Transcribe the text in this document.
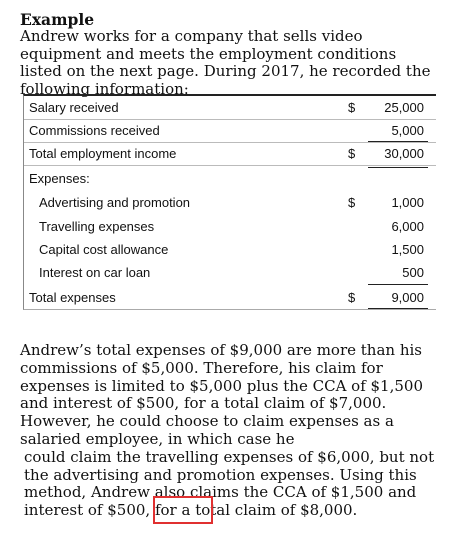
Example
Andrew works for a company that sells video equipment and meets the employment conditions listed on the next page. During 2017, he recorded the following information:
Salary received	$	25,000
Commissions received	5,000
Total employment income	$	30,000
Expenses:
Advertising and promotion	$	1,000
Travelling expenses	6,000
Capital cost allowance	1,500
Interest on car loan	500
Total expenses	$	9,000
Andrew’s total expenses of $9,000 are more than his commissions of $5,000. Therefore, his claim for expenses is limited to $5,000 plus the CCA of $1,500 and interest of $500, for a total claim of $7,000. However, he could choose to claim expenses as a salaried employee, in which case he
could claim the travelling expenses of $6,000, but not the advertising and promotion expenses. Using this method, Andrew also claims the CCA of $1,500 and interest of $500, for a total claim of $8,000.
